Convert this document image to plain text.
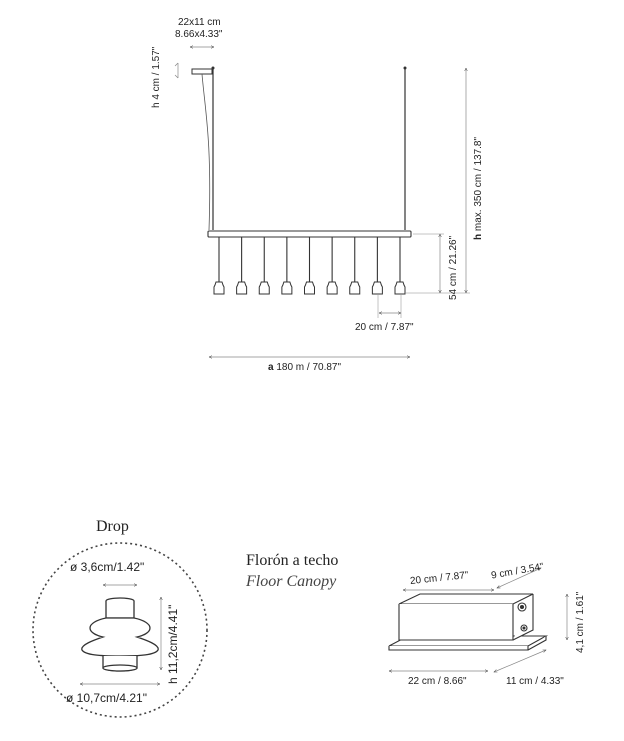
22x11 cm
8.66x4.33"
h 4 cm / 1.57"
h max. 350 cm / 137.8"
54 cm / 21.26"
20 cm / 7.87"
a 180 m / 70.87"
Drop
ø 3,6cm/1.42"
h 11,2cm/4.41"
ø 10,7cm/4.21"
Florón a techo
Floor Canopy	20 cm / 7.87" 9 cm / 3.54"
4,1 cm / 1.61"
22 cm / 8.66"	11 cm / 4.33"
